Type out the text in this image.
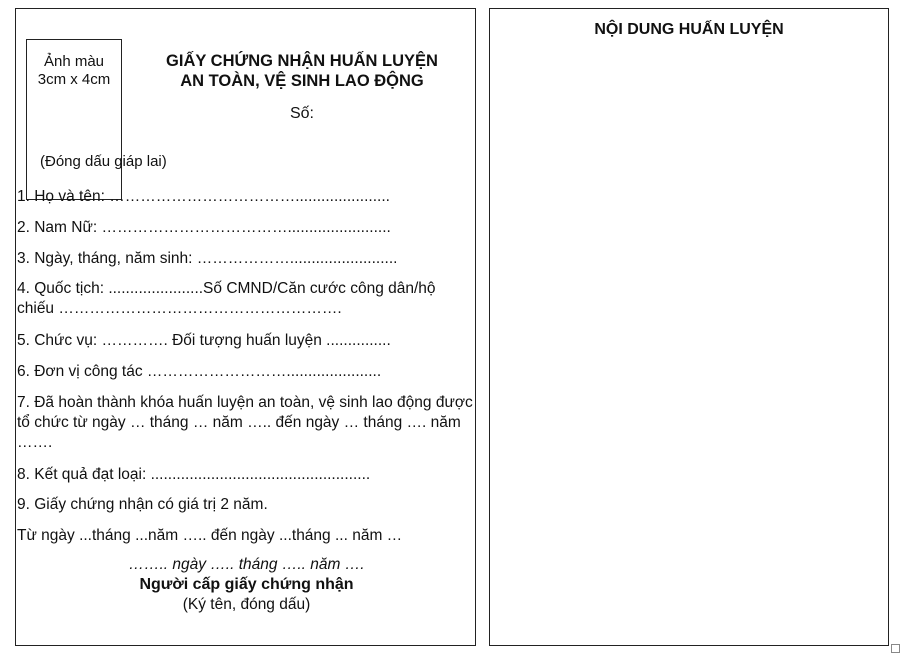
Ảnh màu 3cm x 4cm
(Đóng dấu giáp lai)
GIẤY CHỨNG NHẬN HUẤN LUYỆN
AN TOÀN, VỆ SINH LAO ĐỘNG
Số:
1. Họ và tên: ………………………………......................
2. Nam Nữ: ………………………………........................
3. Ngày, tháng, năm sinh: ……………….........................
4. Quốc tịch: ......................Số CMND/Căn cước công dân/hộ chiếu ……………………………………………….
5. Chức vụ: …………. Đối tượng huấn luyện ...............
6. Đơn vị công tác ………………………......................
7. Đã hoàn thành khóa huấn luyện an toàn, vệ sinh lao động được tổ chức từ ngày … tháng … năm ….. đến ngày … tháng …. năm …….
8. Kết quả đạt loại: ...................................................
9. Giấy chứng nhận có giá trị 2 năm.
Từ ngày ...tháng ...năm ….. đến ngày ...tháng ... năm …
…….. ngày ….. tháng ….. năm ….
Người cấp giấy chứng nhận
(Ký tên, đóng dấu)
NỘI DUNG HUẤN LUYỆN
